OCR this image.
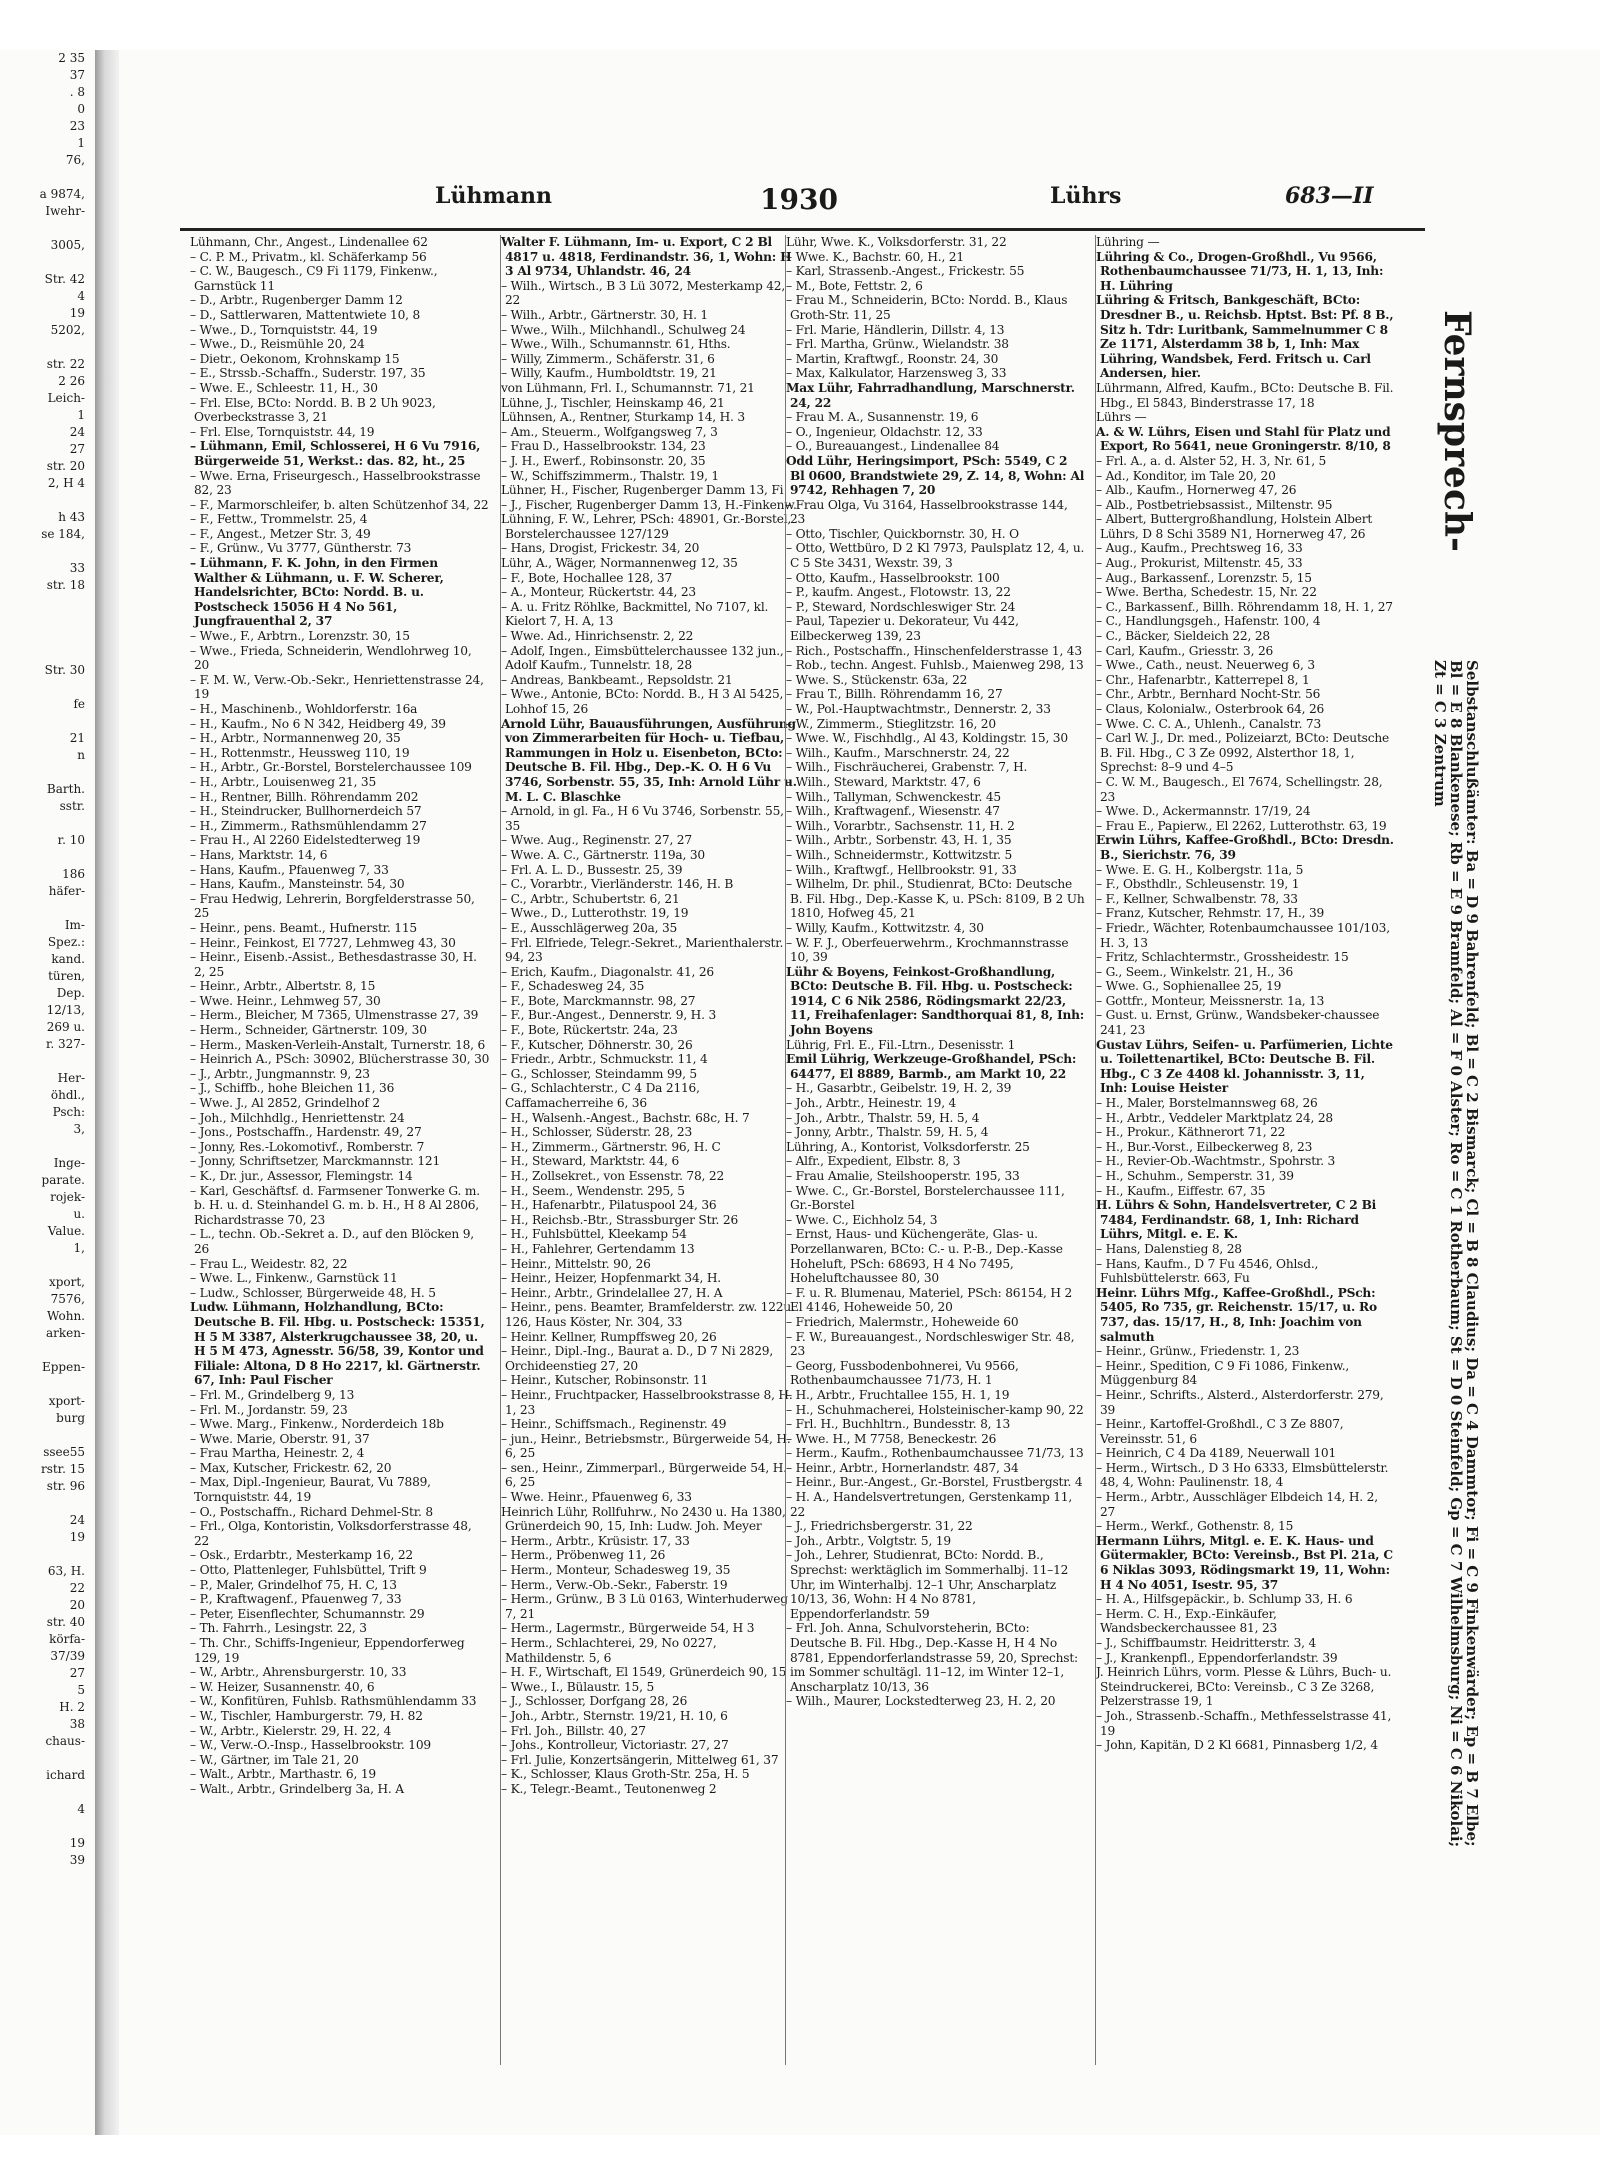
2 35
37
. 8
0
23
1
76,
a 9874,
Iwehr-
3005,
Str. 42
4
19
5202,
str. 22
2 26
Leich-
1
24
27
str. 20
2, H 4
h 43
se 184,
33
str. 18
Str. 30
fe
21
n
Barth.
sstr.
r. 10
186
häfer-
Im-
Spez.:
kand.
türen,
Dep.
12/13,
269 u.
r. 327-
Her-
öhdl.,
Psch:
3,
Inge-
parate.
rojek-
u.
Value.
1,
xport,
7576,
Wohn.
arken-
Eppen-
xport-
burg
ssee55
rstr. 15
str. 96
24
19
63, H.
22
20
str. 40
körfa-
37/39
27
5
H. 2
38
chaus-
ichard
4
19
39
Lühmann	1930	Lührs	683—II
Lühmann, Chr., Angest., Lindenallee 62
– C. P. M., Privatm., kl. Schäferkamp 56
– C. W., Baugesch., C9 Fi 1179, Finkenw., Garnstück 11
– D., Arbtr., Rugenberger Damm 12
– D., Sattlerwaren, Mattentwiete 10, 8
– Wwe., D., Tornquiststr. 44, 19
– Wwe., D., Reismühle 20, 24
– Dietr., Oekonom, Krohnskamp 15
– E., Strssb.-Schaffn., Suderstr. 197, 35
– Wwe. E., Schleestr. 11, H., 30
– Frl. Else, BCto: Nordd. B. B 2 Uh 9023, Overbeckstrasse 3, 21
– Frl. Else, Tornquiststr. 44, 19
– Lühmann, Emil, Schlosserei, H 6 Vu 7916, Bürgerweide 51, Werkst.: das. 82, ht., 25
– Wwe. Erna, Friseurgesch., Hasselbrookstrasse 82, 23
– F., Marmorschleifer, b. alten Schützenhof 34, 22
– F., Fettw., Trommelstr. 25, 4
– F., Angest., Metzer Str. 3, 49
– F., Grünw., Vu 3777, Güntherstr. 73
– Lühmann, F. K. John, in den Firmen Walther & Lühmann, u. F. W. Scherer, Handelsrichter, BCto: Nordd. B. u. Postscheck 15056 H 4 No 561, Jungfrauenthal 2, 37
– Wwe., F., Arbtrn., Lorenzstr. 30, 15
– Wwe., Frieda, Schneiderin, Wendlohrweg 10, 20
– F. M. W., Verw.-Ob.-Sekr., Henriettenstrasse 24, 19
– H., Maschinenb., Wohldorferstr. 16a
– H., Kaufm., No 6 N 342, Heidberg 49, 39
– H., Arbtr., Normannenweg 20, 35
– H., Rottenmstr., Heussweg 110, 19
– H., Arbtr., Gr.-Borstel, Borstelerchaussee 109
– H., Arbtr., Louisenweg 21, 35
– H., Rentner, Billh. Röhrendamm 202
– H., Steindrucker, Bullhornerdeich 57
– H., Zimmerm., Rathsmühlendamm 27
– Frau H., Al 2260 Eidelstedterweg 19
– Hans, Marktstr. 14, 6
– Hans, Kaufm., Pfauenweg 7, 33
– Hans, Kaufm., Mansteinstr. 54, 30
– Frau Hedwig, Lehrerin, Borgfelderstrasse 50, 25
– Heinr., pens. Beamt., Hufnerstr. 115
– Heinr., Feinkost, El 7727, Lehmweg 43, 30
– Heinr., Eisenb.-Assist., Bethesdastrasse 30, H. 2, 25
– Heinr., Arbtr., Albertstr. 8, 15
– Wwe. Heinr., Lehmweg 57, 30
– Herm., Bleicher, M 7365, Ulmenstrasse 27, 39
– Herm., Schneider, Gärtnerstr. 109, 30
– Herm., Masken-Verleih-Anstalt, Turnerstr. 18, 6
– Heinrich A., PSch: 30902, Blücherstrasse 30, 30
– J., Arbtr., Jungmannstr. 9, 23
– J., Schiffb., hohe Bleichen 11, 36
– Wwe. J., Al 2852, Grindelhof 2
– Joh., Milchhdlg., Henriettenstr. 24
– Jons., Postschaffn., Hardenstr. 49, 27
– Jonny, Res.-Lokomotivf., Romberstr. 7
– Jonny, Schriftsetzer, Marckmannstr. 121
– K., Dr. jur., Assessor, Flemingstr. 14
– Karl, Geschäftsf. d. Farmsener Tonwerke G. m. b. H. u. d. Steinhandel G. m. b. H., H 8 Al 2806, Richardstrasse 70, 23
– L., techn. Ob.-Sekret a. D., auf den Blöcken 9, 26
– Frau L., Weidestr. 82, 22
– Wwe. L., Finkenw., Garnstück 11
– Ludw., Schlosser, Bürgerweide 48, H. 5
Ludw. Lühmann, Holzhandlung, BCto: Deutsche B. Fil. Hbg. u. Postscheck: 15351, H 5 M 3387, Alsterkrugchaussee 38, 20, u. H 5 M 473, Agnesstr. 56/58, 39, Kontor und Filiale: Altona, D 8 Ho 2217, kl. Gärtnerstr. 67, Inh: Paul Fischer
– Frl. M., Grindelberg 9, 13
– Frl. M., Jordanstr. 59, 23
– Wwe. Marg., Finkenw., Norderdeich 18b
– Wwe. Marie, Oberstr. 91, 37
– Frau Martha, Heinestr. 2, 4
– Max, Kutscher, Frickestr. 62, 20
– Max, Dipl.-Ingenieur, Baurat, Vu 7889, Tornquiststr. 44, 19
– O., Postschaffn., Richard Dehmel-Str. 8
– Frl., Olga, Kontoristin, Volksdorferstrasse 48, 22
– Osk., Erdarbtr., Mesterkamp 16, 22
– Otto, Plattenleger, Fuhlsbüttel, Trift 9
– P., Maler, Grindelhof 75, H. C, 13
– P., Kraftwagenf., Pfauenweg 7, 33
– Peter, Eisenflechter, Schumannstr. 29
– Th. Fahrrh., Lesingstr. 22, 3
– Th. Chr., Schiffs-Ingenieur, Eppendorferweg 129, 19
– W., Arbtr., Ahrensburgerstr. 10, 33
– W. Heizer, Susannenstr. 40, 6
– W., Konfitüren, Fuhlsb. Rathsmühlendamm 33
– W., Tischler, Hamburgerstr. 79, H. 82
– W., Arbtr., Kielerstr. 29, H. 22, 4
– W., Verw.-O.-Insp., Hasselbrookstr. 109
– W., Gärtner, im Tale 21, 20
– Walt., Arbtr., Marthastr. 6, 19
– Walt., Arbtr., Grindelberg 3a, H. A
Walter F. Lühmann, Im- u. Export, C 2 Bl 4817 u. 4818, Ferdinandstr. 36, 1, Wohn: H 3 Al 9734, Uhlandstr. 46, 24
– Wilh., Wirtsch., B 3 Lü 3072, Mesterkamp 42, 22
– Wilh., Arbtr., Gärtnerstr. 30, H. 1
– Wwe., Wilh., Milchhandl., Schulweg 24
– Wwe., Wilh., Schumannstr. 61, Hths.
– Willy, Zimmerm., Schäferstr. 31, 6
– Willy, Kaufm., Humboldtstr. 19, 21
von Lühmann, Frl. I., Schumannstr. 71, 21
Lühne, J., Tischler, Heinskamp 46, 21
Lühnsen, A., Rentner, Sturkamp 14, H. 3
– Am., Steuerm., Wolfgangsweg 7, 3
– Frau D., Hasselbrookstr. 134, 23
– J. H., Ewerf., Robinsonstr. 20, 35
– W., Schiffszimmerm., Thalstr. 19, 1
Lühner, H., Fischer, Rugenberger Damm 13, Fi
– J., Fischer, Rugenberger Damm 13, H.-Finkenw.
Lühning, F. W., Lehrer, PSch: 48901, Gr.-Borstel, Borstelerchaussee 127/129
– Hans, Drogist, Frickestr. 34, 20
Lühr, A., Wäger, Normannenweg 12, 35
– F., Bote, Hochallee 128, 37
– A., Monteur, Rückertstr. 44, 23
– A. u. Fritz Röhlke, Backmittel, No 7107, kl. Kielort 7, H. A, 13
– Wwe. Ad., Hinrichsenstr. 2, 22
– Adolf, Ingen., Eimsbüttelerchaussee 132 jun., Adolf Kaufm., Tunnelstr. 18, 28
– Andreas, Bankbeamt., Repsoldstr. 21
– Wwe., Antonie, BCto: Nordd. B., H 3 Al 5425, Lohhof 15, 26
Arnold Lühr, Bauausführungen, Ausführung von Zimmerarbeiten für Hoch- u. Tiefbau, Rammungen in Holz u. Eisenbeton, BCto: Deutsche B. Fil. Hbg., Dep.-K. O. H 6 Vu 3746, Sorbenstr. 55, 35, Inh: Arnold Lühr u. M. L. C. Blaschke
– Arnold, in gl. Fa., H 6 Vu 3746, Sorbenstr. 55, 35
– Wwe. Aug., Reginenstr. 27, 27
– Wwe. A. C., Gärtnerstr. 119a, 30
– Frl. A. L. D., Bussestr. 25, 39
– C., Vorarbtr., Vierländerstr. 146, H. B
– C., Arbtr., Schubertstr. 6, 21
– Wwe., D., Lutterothstr. 19, 19
– E., Ausschlägerweg 20a, 35
– Frl. Elfriede, Telegr.-Sekret., Marienthalerstr. 94, 23
– Erich, Kaufm., Diagonalstr. 41, 26
– F., Schadesweg 24, 35
– F., Bote, Marckmannstr. 98, 27
– F., Bur.-Angest., Dennerstr. 9, H. 3
– F., Bote, Rückertstr. 24a, 23
– F., Kutscher, Döhnerstr. 30, 26
– Friedr., Arbtr., Schmuckstr. 11, 4
– G., Schlosser, Steindamm 99, 5
– G., Schlachterstr., C 4 Da 2116, Caffamacherreihe 6, 36
– H., Walsenh.-Angest., Bachstr. 68c, H. 7
– H., Schlosser, Süderstr. 28, 23
– H., Zimmerm., Gärtnerstr. 96, H. C
– H., Steward, Marktstr. 44, 6
– H., Zollsekret., von Essenstr. 78, 22
– H., Seem., Wendenstr. 295, 5
– H., Hafenarbtr., Pilatuspool 24, 36
– H., Reichsb.-Btr., Strassburger Str. 26
– H., Fuhlsbüttel, Kleekamp 54
– H., Fahlehrer, Gertendamm 13
– Heinr., Mittelstr. 90, 26
– Heinr., Heizer, Hopfenmarkt 34, H.
– Heinr., Arbtr., Grindelallee 27, H. A
– Heinr., pens. Beamter, Bramfelderstr. zw. 122u. 126, Haus Köster, Nr. 304, 33
– Heinr. Kellner, Rumpffsweg 20, 26
– Heinr., Dipl.-Ing., Baurat a. D., D 7 Ni 2829, Orchideenstieg 27, 20
– Heinr., Kutscher, Robinsonstr. 11
– Heinr., Fruchtpacker, Hasselbrookstrasse 8, H. 1, 23
– Heinr., Schiffsmach., Reginenstr. 49
– jun., Heinr., Betriebsmstr., Bürgerweide 54, H. 6, 25
– sen., Heinr., Zimmerparl., Bürgerweide 54, H. 6, 25
– Wwe. Heinr., Pfauenweg 6, 33
Heinrich Lühr, Rollfuhrw., No 2430 u. Ha 1380, Grünerdeich 90, 15, Inh: Ludw. Joh. Meyer
– Herm., Arbtr., Krüsistr. 17, 33
– Herm., Pröbenweg 11, 26
– Herm., Monteur, Schadesweg 19, 35
– Herm., Verw.-Ob.-Sekr., Faberstr. 19
– Herm., Grünw., B 3 Lü 0163, Winterhuderweg 7, 21
– Herm., Lagermstr., Bürgerweide 54, H 3
– Herm., Schlachterei, 29, No 0227, Mathildenstr. 5, 6
– H. F., Wirtschaft, El 1549, Grünerdeich 90, 15
– Wwe., I., Bülaustr. 15, 5
– J., Schlosser, Dorfgang 28, 26
– Joh., Arbtr., Sternstr. 19/21, H. 10, 6
– Frl. Joh., Billstr. 40, 27
– Johs., Kontrolleur, Victoriastr. 27, 27
– Frl. Julie, Konzertsängerin, Mittelweg 61, 37
– K., Schlosser, Klaus Groth-Str. 25a, H. 5
– K., Telegr.-Beamt., Teutonenweg 2
Lühr, Wwe. K., Volksdorferstr. 31, 22
– Wwe. K., Bachstr. 60, H., 21
– Karl, Strassenb.-Angest., Frickestr. 55
– M., Bote, Fettstr. 2, 6
– Frau M., Schneiderin, BCto: Nordd. B., Klaus Groth-Str. 11, 25
– Frl. Marie, Händlerin, Dillstr. 4, 13
– Frl. Martha, Grünw., Wielandstr. 38
– Martin, Kraftwgf., Roonstr. 24, 30
– Max, Kalkulator, Harzensweg 3, 33
Max Lühr, Fahrradhandlung, Marschnerstr. 24, 22
– Frau M. A., Susannenstr. 19, 6
– O., Ingenieur, Oldachstr. 12, 33
– O., Bureauangest., Lindenallee 84
Odd Lühr, Heringsimport, PSch: 5549, C 2 Bl 0600, Brandstwiete 29, Z. 14, 8, Wohn: Al 9742, Rehhagen 7, 20
– Frau Olga, Vu 3164, Hasselbrookstrasse 144, 23
– Otto, Tischler, Quickbornstr. 30, H. O
– Otto, Wettbüro, D 2 Kl 7973, Paulsplatz 12, 4, u. C 5 Ste 3431, Wexstr. 39, 3
– Otto, Kaufm., Hasselbrookstr. 100
– P., kaufm. Angest., Flotowstr. 13, 22
– P., Steward, Nordschleswiger Str. 24
– Paul, Tapezier u. Dekorateur, Vu 442, Eilbeckerweg 139, 23
– Rich., Postschaffn., Hinschenfelderstrasse 1, 43
– Rob., techn. Angest. Fuhlsb., Maienweg 298, 13
– Wwe. S., Stückenstr. 63a, 22
– Frau T., Billh. Röhrendamm 16, 27
– W., Pol.-Hauptwachtmstr., Dennerstr. 2, 33
– W., Zimmerm., Stieglitzstr. 16, 20
– Wwe. W., Fischhdlg., Al 43, Koldingstr. 15, 30
– Wilh., Kaufm., Marschnerstr. 24, 22
– Wilh., Fischräucherei, Grabenstr. 7, H.
– Wilh., Steward, Marktstr. 47, 6
– Wilh., Tallyman, Schwenckestr. 45
– Wilh., Kraftwagenf., Wiesenstr. 47
– Wilh., Vorarbtr., Sachsenstr. 11, H. 2
– Wilh., Arbtr., Sorbenstr. 43, H. 1, 35
– Wilh., Schneidermstr., Kottwitzstr. 5
– Wilh., Kraftwgf., Hellbrookstr. 91, 33
– Wilhelm, Dr. phil., Studienrat, BCto: Deutsche B. Fil. Hbg., Dep.-Kasse K, u. PSch: 8109, B 2 Uh 1810, Hofweg 45, 21
– Willy, Kaufm., Kottwitzstr. 4, 30
– W. F. J., Oberfeuerwehrm., Krochmannstrasse 10, 39
Lühr & Boyens, Feinkost-Großhandlung, BCto: Deutsche B. Fil. Hbg. u. Postscheck: 1914, C 6 Nik 2586, Rödingsmarkt 22/23, 11, Freihafenlager: Sandthorquai 81, 8, Inh: John Boyens
Lührig, Frl. E., Fil.-Ltrn., Desenisstr. 1
Emil Lührig, Werkzeuge-Großhandel, PSch: 64477, El 8889, Barmb., am Markt 10, 22
– H., Gasarbtr., Geibelstr. 19, H. 2, 39
– Joh., Arbtr., Heinestr. 19, 4
– Joh., Arbtr., Thalstr. 59, H. 5, 4
– Jonny, Arbtr., Thalstr. 59, H. 5, 4
Lühring, A., Kontorist, Volksdorferstr. 25
– Alfr., Expedient, Elbstr. 8, 3
– Frau Amalie, Steilshooperstr. 195, 33
– Wwe. C., Gr.-Borstel, Borstelerchaussee 111, Gr.-Borstel
– Wwe. C., Eichholz 54, 3
– Ernst, Haus- und Küchengeräte, Glas- u. Porzellanwaren, BCto: C.- u. P.-B., Dep.-Kasse Hoheluft, PSch: 68693, H 4 No 7495, Hoheluftchaussee 80, 30
– F. u. R. Blumenau, Materiel, PSch: 86154, H 2 El 4146, Hoheweide 50, 20
– Friedrich, Malermstr., Hoheweide 60
– F. W., Bureauangest., Nordschleswiger Str. 48, 23
– Georg, Fussbodenbohnerei, Vu 9566, Rothenbaumchaussee 71/73, H. 1
– H., Arbtr., Fruchtallee 155, H. 1, 19
– H., Schuhmacherei, Holsteinischer-kamp 90, 22
– Frl. H., Buchhltrn., Bundesstr. 8, 13
– Wwe. H., M 7758, Beneckestr. 26
– Herm., Kaufm., Rothenbaumchaussee 71/73, 13
– Heinr., Arbtr., Hornerlandstr. 487, 34
– Heinr., Bur.-Angest., Gr.-Borstel, Frustbergstr. 4
– H. A., Handelsvertretungen, Gerstenkamp 11, 22
– J., Friedrichsbergerstr. 31, 22
– Joh., Arbtr., Volgtstr. 5, 19
– Joh., Lehrer, Studienrat, BCto: Nordd. B., Sprechst: werktäglich im Sommerhalbj. 11–12 Uhr, im Winterhalbj. 12–1 Uhr, Anscharplatz 10/13, 36, Wohn: H 4 No 8781, Eppendorferlandstr. 59
– Frl. Joh. Anna, Schulvorsteherin, BCto: Deutsche B. Fil. Hbg., Dep.-Kasse H, H 4 No 8781, Eppendorferlandstrasse 59, 20, Sprechst: im Sommer schultägl. 11–12, im Winter 12–1, Anscharplatz 10/13, 36
– Wilh., Maurer, Lockstedterweg 23, H. 2, 20
Lühring —
Lühring & Co., Drogen-Großhdl., Vu 9566, Rothenbaumchaussee 71/73, H. 1, 13, Inh: H. Lühring
Lühring & Fritsch, Bankgeschäft, BCto: Dresdner B., u. Reichsb. Hptst. Bst: Pf. 8 B., Sitz h. Tdr: Luritbank, Sammelnummer C 8 Ze 1171, Alsterdamm 38 b, 1, Inh: Max Lühring, Wandsbek, Ferd. Fritsch u. Carl Andersen, hier.
Lührmann, Alfred, Kaufm., BCto: Deutsche B. Fil. Hbg., El 5843, Binderstrasse 17, 18
Lührs —
A. & W. Lührs, Eisen und Stahl für Platz und Export, Ro 5641, neue Groningerstr. 8/10, 8
– Frl. A., a. d. Alster 52, H. 3, Nr. 61, 5
– Ad., Konditor, im Tale 20, 20
– Alb., Kaufm., Hornerweg 47, 26
– Alb., Postbetriebsassist., Miltenstr. 95
– Albert, Buttergroßhandlung, Holstein Albert Lührs, D 8 Schi 3589 N1, Hornerweg 47, 26
– Aug., Kaufm., Prechtsweg 16, 33
– Aug., Prokurist, Miltenstr. 45, 33
– Aug., Barkassenf., Lorenzstr. 5, 15
– Wwe. Bertha, Schedestr. 15, Nr. 22
– C., Barkassenf., Billh. Röhrendamm 18, H. 1, 27
– C., Handlungsgeh., Hafenstr. 100, 4
– C., Bäcker, Sieldeich 22, 28
– Carl, Kaufm., Griesstr. 3, 26
– Wwe., Cath., neust. Neuerweg 6, 3
– Chr., Hafenarbtr., Katterrepel 8, 1
– Chr., Arbtr., Bernhard Nocht-Str. 56
– Claus, Kolonialw., Osterbrook 64, 26
– Wwe. C. C. A., Uhlenh., Canalstr. 73
– Carl W. J., Dr. med., Polizeiarzt, BCto: Deutsche B. Fil. Hbg., C 3 Ze 0992, Alsterthor 18, 1, Sprechst: 8–9 und 4–5
– C. W. M., Baugesch., El 7674, Schellingstr. 28, 23
– Wwe. D., Ackermannstr. 17/19, 24
– Frau E., Papierw., El 2262, Lutterothstr. 63, 19
Erwin Lührs, Kaffee-Großhdl., BCto: Dresdn. B., Sierichstr. 76, 39
– Wwe. E. G. H., Kolbergstr. 11a, 5
– F., Obsthdlr., Schleusenstr. 19, 1
– F., Kellner, Schwalbenstr. 78, 33
– Franz, Kutscher, Rehmstr. 17, H., 39
– Friedr., Wächter, Rotenbaumchaussee 101/103, H. 3, 13
– Fritz, Schlachtermstr., Grossheidestr. 15
– G., Seem., Winkelstr. 21, H., 36
– Wwe. G., Sophienallee 25, 19
– Gottfr., Monteur, Meissnerstr. 1a, 13
– Gust. u. Ernst, Grünw., Wandsbeker-chaussee 241, 23
Gustav Lührs, Seifen- u. Parfümerien, Lichte u. Toilettenartikel, BCto: Deutsche B. Fil. Hbg., C 3 Ze 4408 kl. Johannisstr. 3, 11, Inh: Louise Heister
– H., Maler, Borstelmannsweg 68, 26
– H., Arbtr., Veddeler Marktplatz 24, 28
– H., Prokur., Käthnerort 71, 22
– H., Bur.-Vorst., Eilbeckerweg 8, 23
– H., Revier-Ob.-Wachtmstr., Spohrstr. 3
– H., Schuhm., Semperstr. 31, 39
– H., Kaufm., Eiffestr. 67, 35
H. Lührs & Sohn, Handelsvertreter, C 2 Bi 7484, Ferdinandstr. 68, 1, Inh: Richard Lührs, Mitgl. e. E. K.
– Hans, Dalenstieg 8, 28
– Hans, Kaufm., D 7 Fu 4546, Ohlsd., Fuhlsbüttelerstr. 663, Fu
Heinr. Lührs Mfg., Kaffee-Großhdl., PSch: 5405, Ro 735, gr. Reichenstr. 15/17, u. Ro 737, das. 15/17, H., 8, Inh: Joachim von salmuth
– Heinr., Grünw., Friedenstr. 1, 23
– Heinr., Spedition, C 9 Fi 1086, Finkenw., Müggenburg 84
– Heinr., Schrifts., Alsterd., Alsterdorferstr. 279, 39
– Heinr., Kartoffel-Großhdl., C 3 Ze 8807, Vereinsstr. 51, 6
– Heinrich, C 4 Da 4189, Neuerwall 101
– Herm., Wirtsch., D 3 Ho 6333, Elmsbüttelerstr. 48, 4, Wohn: Paulinenstr. 18, 4
– Herm., Arbtr., Ausschläger Elbdeich 14, H. 2, 27
– Herm., Werkf., Gothenstr. 8, 15
Hermann Lührs, Mitgl. e. E. K. Haus- und Gütermakler, BCto: Vereinsb., Bst Pl. 21a, C 6 Niklas 3093, Rödingsmarkt 19, 11, Wohn: H 4 No 4051, Isestr. 95, 37
– H. A., Hilfsgepäckir., b. Schlump 33, H. 6
– Herm. C. H., Exp.-Einkäufer, Wandsbeckerchaussee 81, 23
– J., Schiffbaumstr. Heidritterstr. 3, 4
– J., Krankenpfl., Eppendorferlandstr. 39
J. Heinrich Lührs, vorm. Plesse & Lührs, Buch- u. Steindruckerei, BCto: Vereinsb., C 3 Ze 3268, Pelzerstrasse 19, 1
– Joh., Strassenb.-Schaffn., Methfesselstrasse 41, 19
– John, Kapitän, D 2 Kl 6681, Pinnasberg 1/2, 4
Fernsprech-
Selbstanschlußämter: Ba = D 9 Bahrenfeld; Bl = C 2 Bismarck; Cl = B 8 Claudius; Da = C 4 Dammtor; Fi = C 9 Finkenwärder; Ep = B 7 Elbe; Bl = E 8 Blankenese; Rb = E 9 Bramfeld; Al = F 0 Alster; Ro = C 1 Rotherbaum; St = D 0 Steinfeld; Gp = C 7 Wilhelmsburg; Ni = C 6 Nikolai; Zt = C 3 Zentrum
